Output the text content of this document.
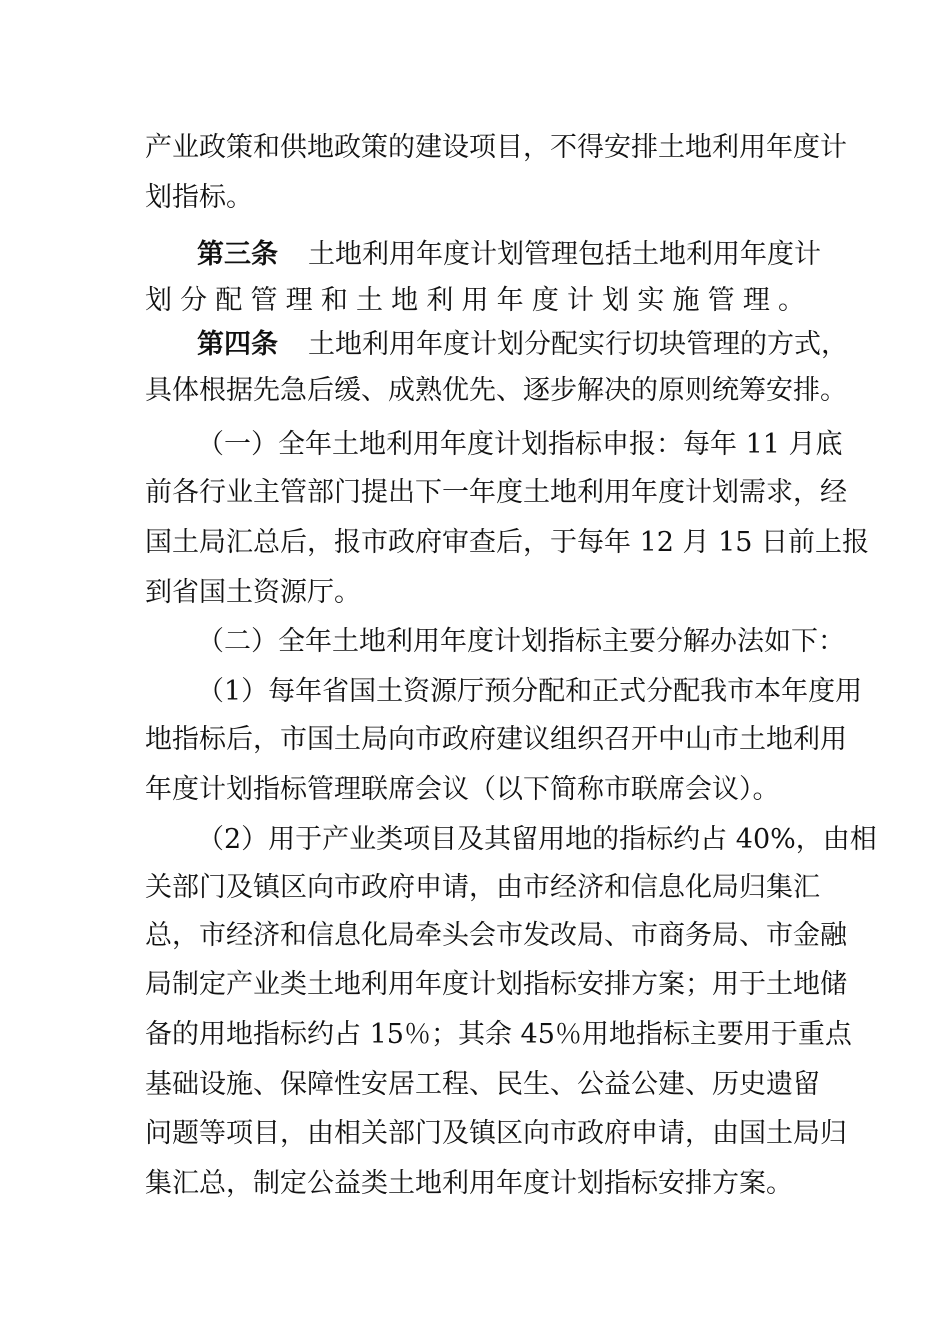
产业政策和供地政策的建设项目，不得安排土地利用年度计
划指标。
第三条 土地利用年度计划管理包括土地利用年度计
划分配管理和土地利用年度计划实施管理。
第四条 土地利用年度计划分配实行切块管理的方式，
具体根据先急后缓、成熟优先、逐步解决的原则统筹安排。
（一）全年土地利用年度计划指标申报：每年 11 月底
前各行业主管部门提出下一年度土地利用年度计划需求，经
国土局汇总后，报市政府审查后，于每年 12 月 15 日前上报
到省国土资源厅。
（二）全年土地利用年度计划指标主要分解办法如下：
（1）每年省国土资源厅预分配和正式分配我市本年度用
地指标后，市国土局向市政府建议组织召开中山市土地利用
年度计划指标管理联席会议（以下简称市联席会议）。
（2）用于产业类项目及其留用地的指标约占 40%，由相
关部门及镇区向市政府申请，由市经济和信息化局归集汇
总，市经济和信息化局牵头会市发改局、市商务局、市金融
局制定产业类土地利用年度计划指标安排方案；用于土地储
备的用地指标约占 15％；其余 45％用地指标主要用于重点
基础设施、保障性安居工程、民生、公益公建、历史遗留
问题等项目，由相关部门及镇区向市政府申请，由国土局归
集汇总，制定公益类土地利用年度计划指标安排方案。
